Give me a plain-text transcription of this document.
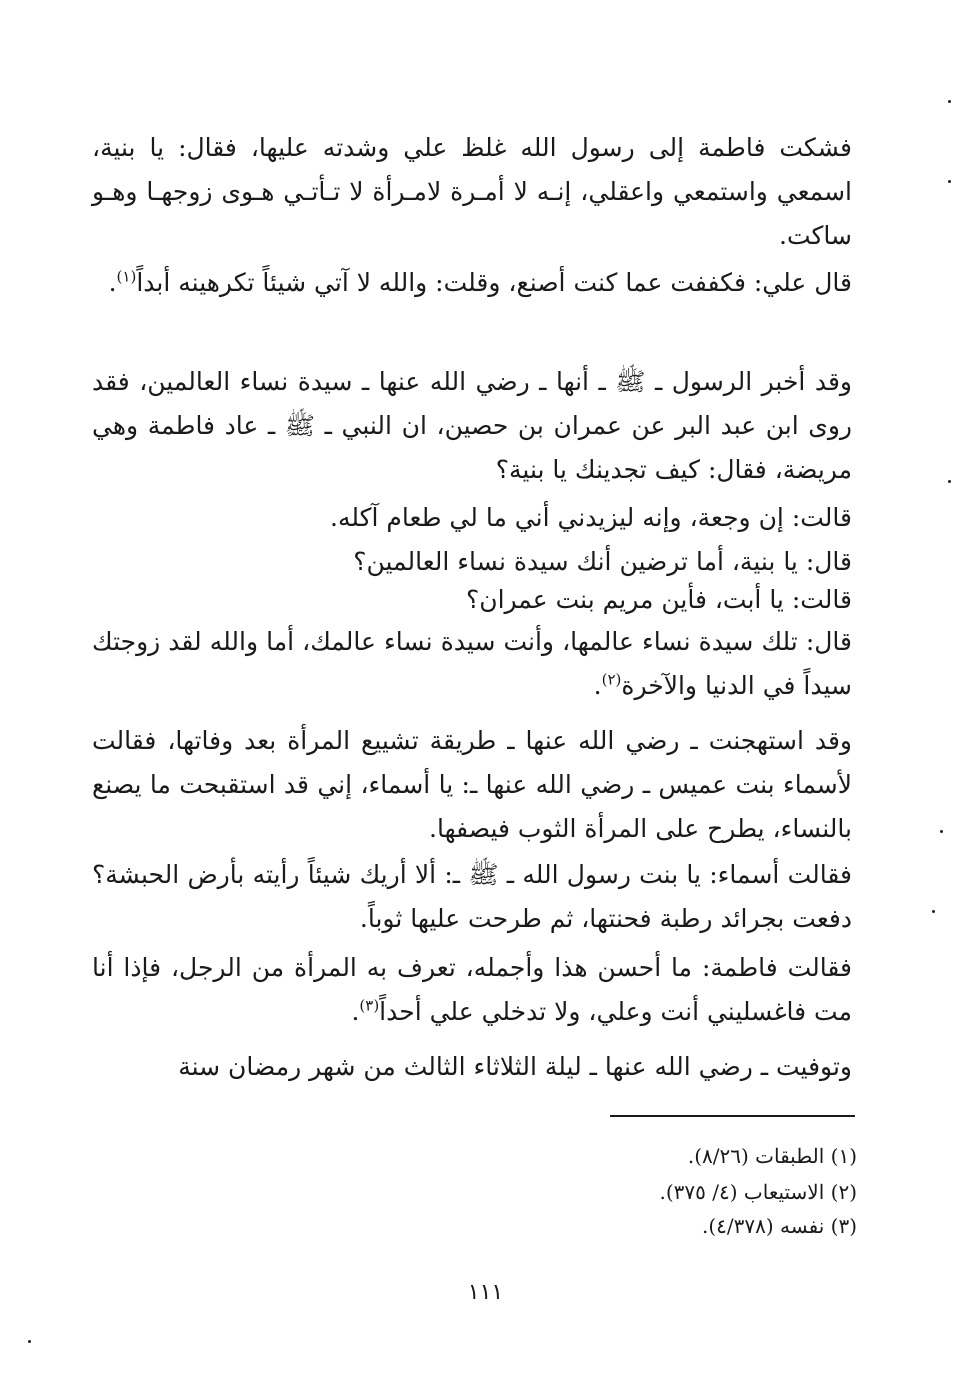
فشكت فاطمة إلى رسول الله غلظ علي وشدته عليها، فقال: يا بنية، اسمعي واستمعي واعقلي، إنـه لا أمـرة لامـرأة لا تـأتـي هـوى زوجهـا وهـو ساكت.

قال علي: فكففت عما كنت أصنع، وقلت: والله لا آتي شيئاً تكرهينه أبداً$^{(١)}$.

وقد أخبر الرسول ـ ﷺ ـ أنها ـ رضي الله عنها ـ سيدة نساء العالمين، فقد روى ابن عبد البر عن عمران بن حصين، ان النبي ـ ﷺ ـ عاد فاطمة وهي مريضة، فقال: كيف تجدينك يا بنية؟

قالت: إن وجعة، وإنه ليزيدني أني ما لي طعام آكله.
قال: يا بنية، أما ترضين أنك سيدة نساء العالمين؟
قالت: يا أبت، فأين مريم بنت عمران؟

قال: تلك سيدة نساء عالمها، وأنت سيدة نساء عالمك، أما والله لقد زوجتك سيداً في الدنيا والآخرة$^{(٢)}$.

وقد استهجنت ـ رضي الله عنها ـ طريقة تشييع المرأة بعد وفاتها، فقالت لأسماء بنت عميس ـ رضي الله عنها ـ: يا أسماء، إني قد استقبحت ما يصنع بالنساء، يطرح على المرأة الثوب فيصفها.

فقالت أسماء: يا بنت رسول الله ـ ﷺ ـ: ألا أريك شيئاً رأيته بأرض الحبشة؟ دفعت بجرائد رطبة فحنتها، ثم طرحت عليها ثوباً.

فقالت فاطمة: ما أحسن هذا وأجمله، تعرف به المرأة من الرجل، فإذا أنا مت فاغسليني أنت وعلي، ولا تدخلي علي أحداً$^{(٣)}$.

وتوفيت ـ رضي الله عنها ـ ليلة الثلاثاء الثالث من شهر رمضان سنة

(١) الطبقات (٨/٢٦).
(٢) الاستيعاب (٤/ ٣٧٥).
(٣) نفسه (٤/٣٧٨).
١١١
